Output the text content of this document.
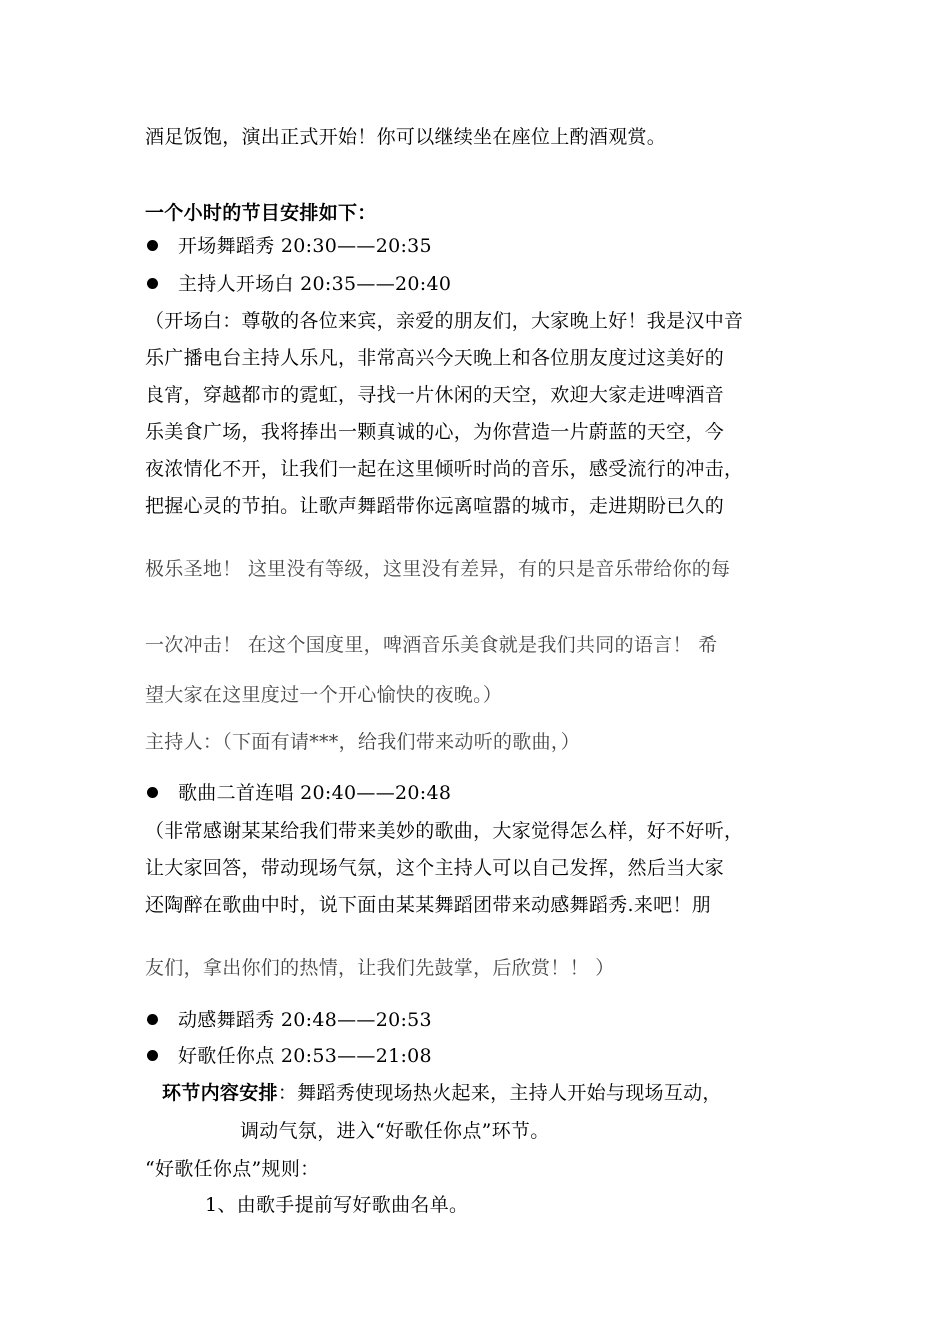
酒足饭饱，演出正式开始！你可以继续坐在座位上酌酒观赏。
一个小时的节目安排如下：
开场舞蹈秀 20:30——20:35
主持人开场白 20:35——20:40
（开场白：尊敬的各位来宾，亲爱的朋友们，大家晚上好！我是汉中音
乐广播电台主持人乐凡，非常高兴今天晚上和各位朋友度过这美好的
良宵，穿越都市的霓虹，寻找一片休闲的天空，欢迎大家走进啤酒音
乐美食广场，我将捧出一颗真诚的心，为你营造一片蔚蓝的天空，今
夜浓情化不开，让我们一起在这里倾听时尚的音乐，感受流行的冲击，
把握心灵的节拍。让歌声舞蹈带你远离喧嚣的城市，走进期盼已久的
极乐圣地！ 这里没有等级，这里没有差异，有的只是音乐带给你的每
一次冲击！ 在这个国度里，啤酒音乐美食就是我们共同的语言！ 希
望大家在这里度过一个开心愉快的夜晚。）
主持人：（下面有请***，给我们带来动听的歌曲，）
歌曲二首连唱 20:40——20:48
（非常感谢某某给我们带来美妙的歌曲，大家觉得怎么样，好不好听，
让大家回答，带动现场气氛，这个主持人可以自己发挥，然后当大家
还陶醉在歌曲中时，说下面由某某舞蹈团带来动感舞蹈秀.来吧！朋
友们，拿出你们的热情，让我们先鼓掌，后欣赏！！ ）
动感舞蹈秀 20:48——20:53
好歌任你点 20:53——21:08
环节内容安排：舞蹈秀使现场热火起来，主持人开始与现场互动，
调动气氛，进入“好歌任你点”环节。
“好歌任你点”规则：
1、由歌手提前写好歌曲名单。
